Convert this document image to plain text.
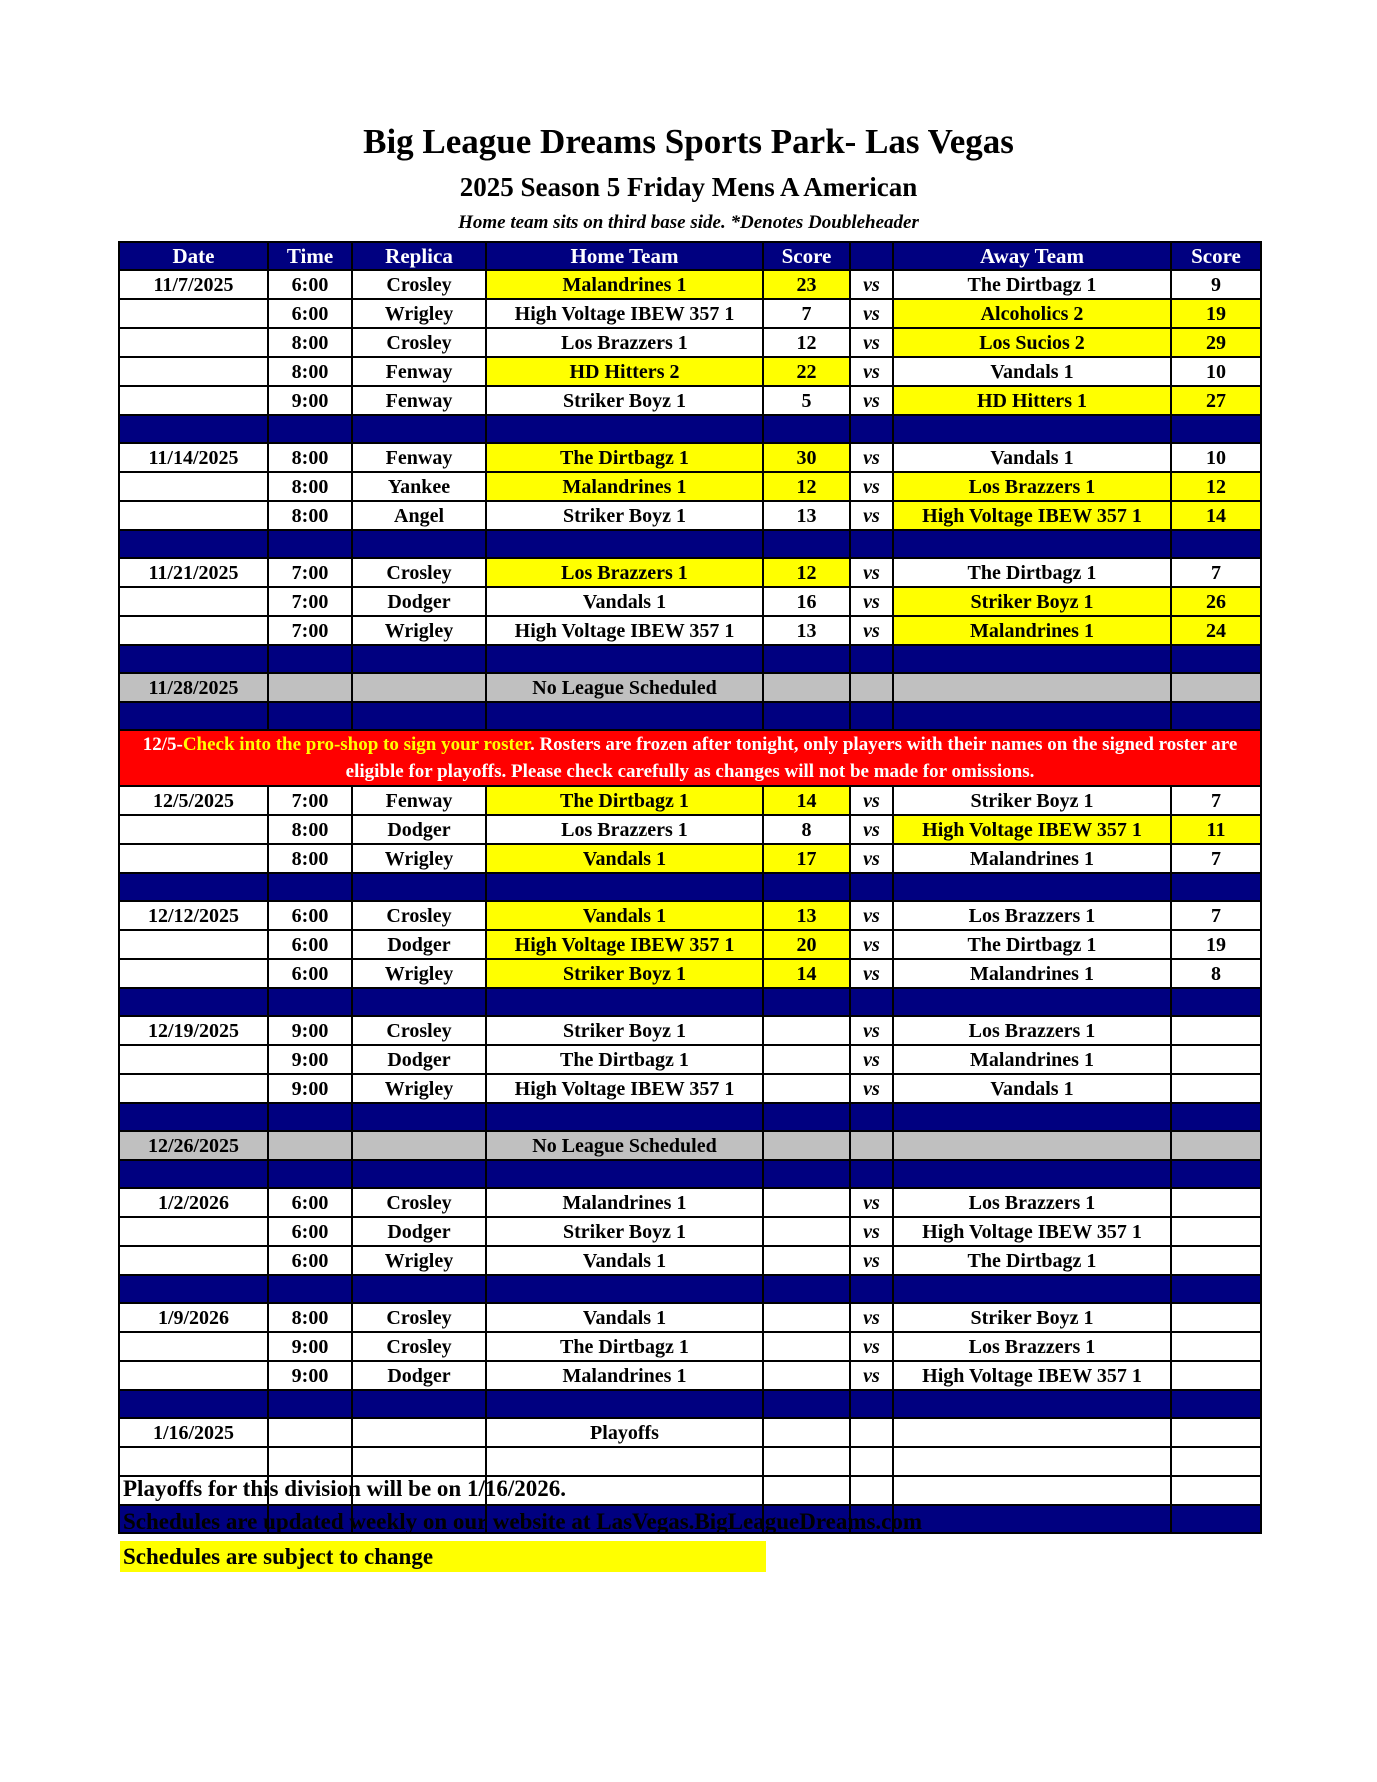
Big League Dreams Sports Park- Las Vegas
2025 Season 5 Friday Mens A American
Home team sits on third base side. *Denotes Doubleheader
Date	Time	Replica	Home Team	Score		Away Team	Score
11/7/2025	6:00	Crosley	Malandrines 1	23	vs	The Dirtbagz 1	9
	6:00	Wrigley	High Voltage IBEW 357 1	7	vs	Alcoholics 2	19
	8:00	Crosley	Los Brazzers 1	12	vs	Los Sucios 2	29
	8:00	Fenway	HD Hitters 2	22	vs	Vandals 1	10
	9:00	Fenway	Striker Boyz 1	5	vs	HD Hitters 1	27

11/14/2025	8:00	Fenway	The Dirtbagz 1	30	vs	Vandals 1	10
	8:00	Yankee	Malandrines 1	12	vs	Los Brazzers 1	12
	8:00	Angel	Striker Boyz 1	13	vs	High Voltage IBEW 357 1	14

11/21/2025	7:00	Crosley	Los Brazzers 1	12	vs	The Dirtbagz 1	7
	7:00	Dodger	Vandals 1	16	vs	Striker Boyz 1	26
	7:00	Wrigley	High Voltage IBEW 357 1	13	vs	Malandrines 1	24

11/28/2025			No League Scheduled				

12/5-Check into the pro-shop to sign your roster. Rosters are frozen after tonight, only players with their names on the signed roster are eligible for playoffs. Please check carefully as changes will not be made for omissions.							
12/5/2025	7:00	Fenway	The Dirtbagz 1	14	vs	Striker Boyz 1	7
	8:00	Dodger	Los Brazzers 1	8	vs	High Voltage IBEW 357 1	11
	8:00	Wrigley	Vandals 1	17	vs	Malandrines 1	7

12/12/2025	6:00	Crosley	Vandals 1	13	vs	Los Brazzers 1	7
	6:00	Dodger	High Voltage IBEW 357 1	20	vs	The Dirtbagz 1	19
	6:00	Wrigley	Striker Boyz 1	14	vs	Malandrines 1	8

12/19/2025	9:00	Crosley	Striker Boyz 1		vs	Los Brazzers 1	
	9:00	Dodger	The Dirtbagz 1		vs	Malandrines 1	
	9:00	Wrigley	High Voltage IBEW 357 1		vs	Vandals 1	

12/26/2025			No League Scheduled				

1/2/2026	6:00	Crosley	Malandrines 1		vs	Los Brazzers 1	
	6:00	Dodger	Striker Boyz 1		vs	High Voltage IBEW 357 1	
	6:00	Wrigley	Vandals 1		vs	The Dirtbagz 1	

1/9/2026	8:00	Crosley	Vandals 1		vs	Striker Boyz 1	
	9:00	Crosley	The Dirtbagz 1		vs	Los Brazzers 1	
	9:00	Dodger	Malandrines 1		vs	High Voltage IBEW 357 1	

1/16/2025			Playoffs				

Playoffs for this division will be on 1/16/2026.
Schedules are updated weekly on our website at LasVegas.BigLeagueDreams.com
Schedules are subject to change
